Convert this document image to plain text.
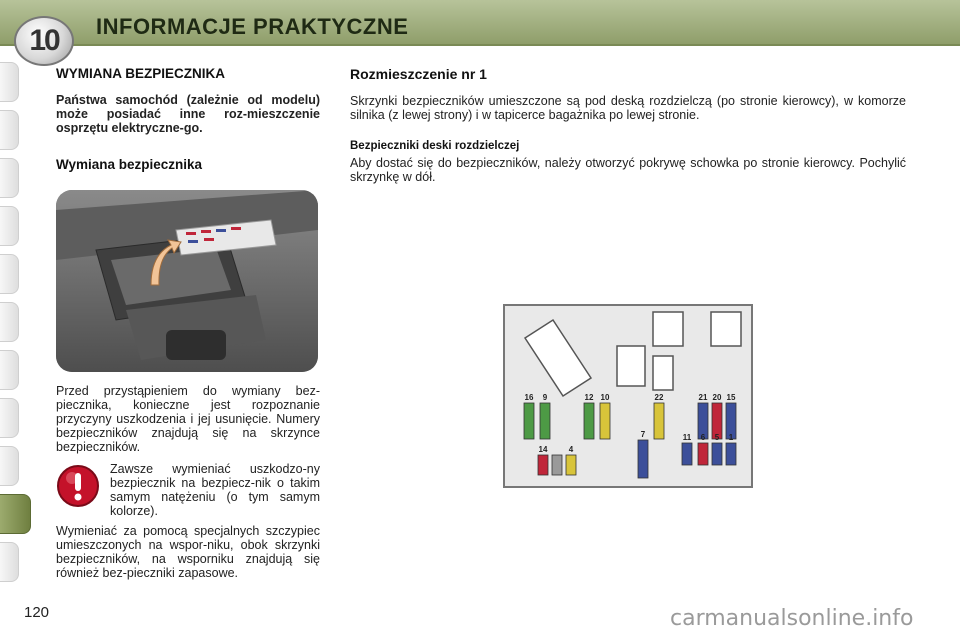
10	INFORMACJE PRAKTYCZNE
WYMIANA BEZPIECZNIKA

Państwa samochód (zależnie od modelu) może posiadać inne roz-mieszczenie osprzętu elektryczne-go.

Wymiana bezpiecznika

Przed przystąpieniem do wymiany bez-piecznika, konieczne jest rozpoznanie przyczyny uszkodzenia i jej usunięcie. Numery bezpieczników znajdują się na skrzynce bezpieczników.

Zawsze wymieniać uszkodzo-ny bezpiecznik na bezpiecz-nik o takim samym natężeniu (o tym samym kolorze).

Wymieniać za pomocą specjalnych szczypiec umieszczonych na wspor-niku, obok skrzynki bezpieczników, na wsporniku znajdują się również bez-pieczniki zapasowe.

Rozmieszczenie nr 1

Skrzynki bezpieczników umieszczone są pod deską rozdzielczą (po stronie kierowcy), w komorze silnika (z lewej strony) i w tapicerce bagażnika po lewej stronie.

Bezpieczniki deski rozdzielczej

Aby dostać się do bezpieczników, należy otworzyć pokrywę schowka po stronie kierowcy. Pochylić skrzynkę w dół.

16 9	12 10	22	21 20 15
14	4
7	11 6 5 1
120	carmanualsonline.info
